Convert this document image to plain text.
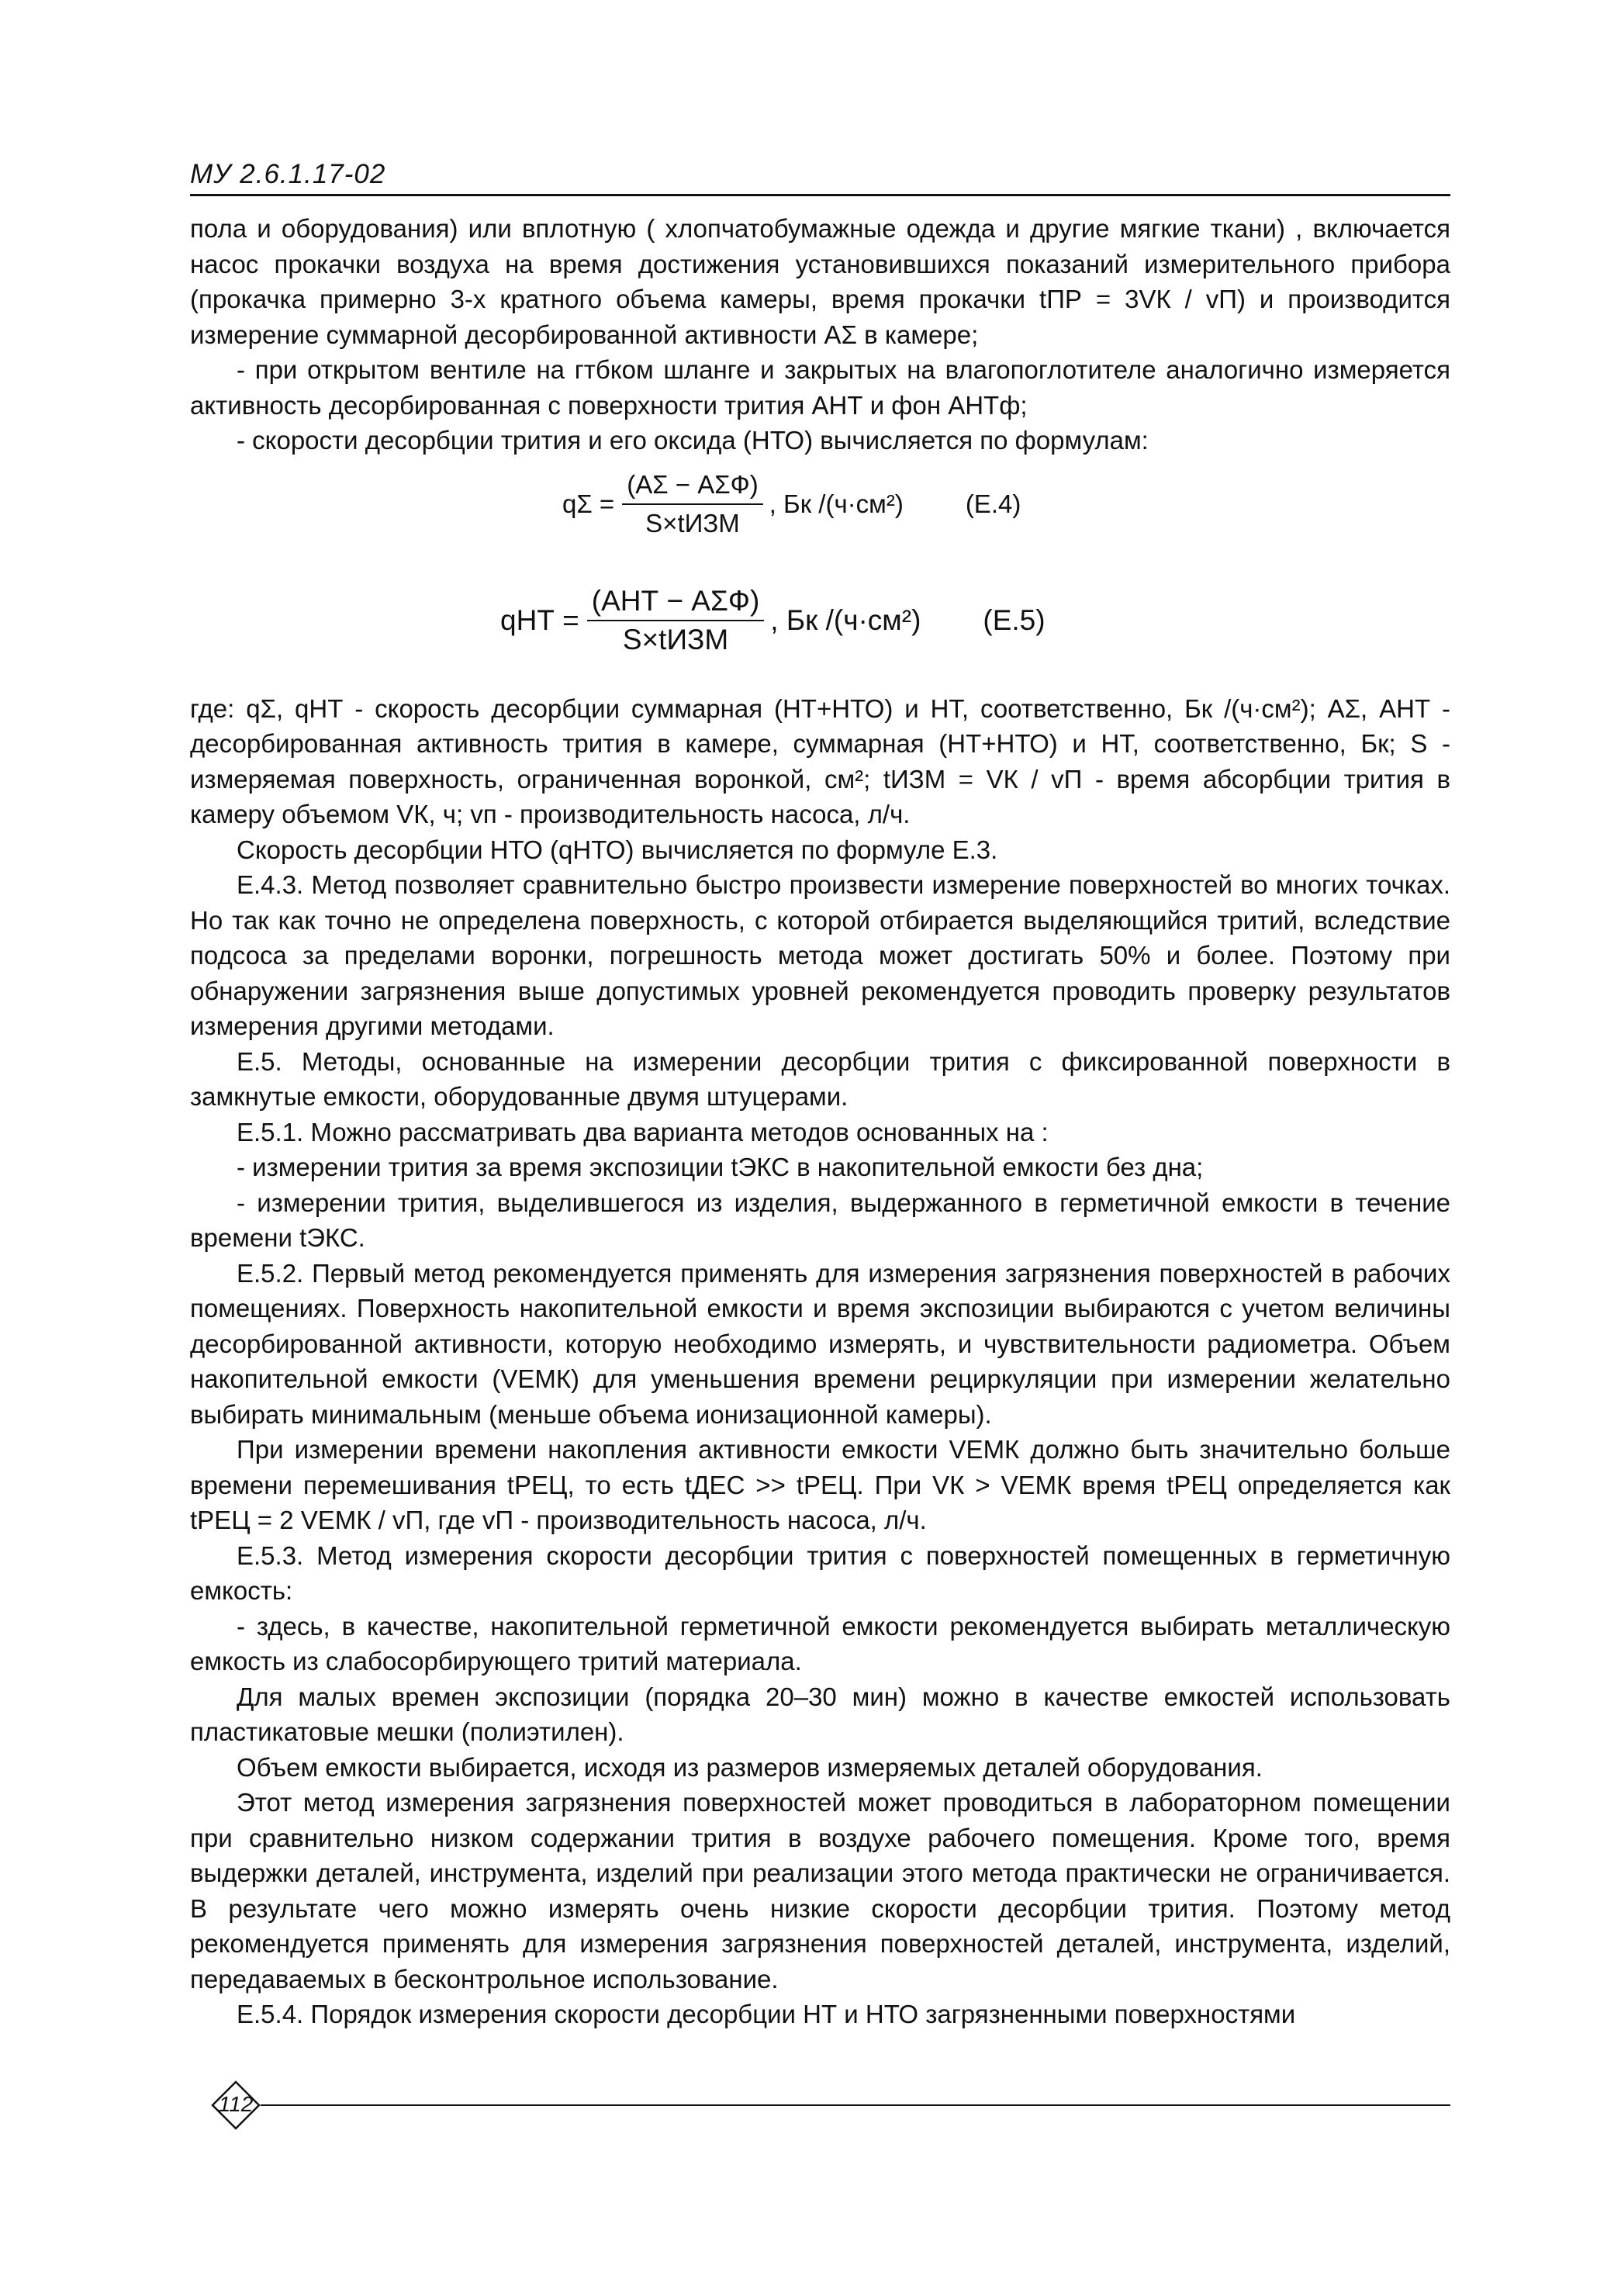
МУ 2.6.1.17-02

пола и оборудования) или вплотную ( хлопчатобумажные одежда и другие мягкие ткани) , включается насос прокачки воздуха на время достижения установившихся показаний измерительного прибора (прокачка примерно 3-х кратного объема камеры, время прокачки tПР = 3VК / vП) и производится измерение суммарной десорбированной активности AΣ в камере;

- при открытом вентиле на гтбком шланге и закрытых на влагопоглотителе аналогично измеряется активность десорбированная с поверхности трития AНТ и фон AНТф;

- скорости десорбции трития и его оксида (НТО) вычисляется по формулам:

$q\Sigma = \frac{\text{(AΣ − AΣФ)}}{\text{S×tИЗМ}}$ , Бк /(ч·см²) (Е.4)
qНТ = $\frac{\text{(AНТ − AΣФ)}}{\text{S×tИЗМ}}$ , Бк /(ч·см²) (Е.5)

где: qΣ, qНТ - скорость десорбции суммарная (НТ+НТО) и НТ, соответственно, Бк /(ч·см²); AΣ, AНТ - десорбированная активность трития в камере, суммарная (НТ+НТО) и НТ, соответственно, Бк; S - измеряемая поверхность, ограниченная воронкой, см²; tИЗМ = VК / vП - время абсорбции трития в камеру объемом VК, ч; vп - производительность насоса, л/ч.

Скорость десорбции НТО (qНТО) вычисляется по формуле Е.3.

Е.4.3. Метод позволяет сравнительно быстро произвести измерение поверхностей во многих точках. Но так как точно не определена поверхность, с которой отбирается выделяющийся тритий, вследствие подсоса за пределами воронки, погрешность метода может достигать 50% и более. Поэтому при обнаружении загрязнения выше допустимых уровней рекомендуется проводить проверку результатов измерения другими методами.

Е.5. Методы, основанные на измерении десорбции трития с фиксированной поверхности в замкнутые емкости, оборудованные двумя штуцерами.

Е.5.1. Можно рассматривать два варианта методов основанных на :

- измерении трития за время экспозиции tЭКС в накопительной емкости без дна;

- измерении трития, выделившегося из изделия, выдержанного в герметичной емкости в течение времени tЭКС.

Е.5.2. Первый метод рекомендуется применять для измерения загрязнения поверхностей в рабочих помещениях. Поверхность накопительной емкости и время экспозиции выбираются с учетом величины десорбированной активности, которую необходимо измерять, и чувствительности радиометра. Объем накопительной емкости (VЕМК) для уменьшения времени рециркуляции при измерении желательно выбирать минимальным (меньше объема ионизационной камеры).

При измерении времени накопления активности емкости VЕМК должно быть значительно больше времени перемешивания tРЕЦ, то есть tДЕС >> tРЕЦ. При VК > VЕМК время tРЕЦ определяется как tРЕЦ = 2 VЕМК / vП, где vП - производительность насоса, л/ч.

Е.5.3. Метод измерения скорости десорбции трития с поверхностей помещенных в герметичную емкость:

- здесь, в качестве, накопительной герметичной емкости рекомендуется выбирать металлическую емкость из слабосорбирующего тритий материала.

Для малых времен экспозиции (порядка 20–30 мин) можно в качестве емкостей использовать пластикатовые мешки (полиэтилен).

Объем емкости выбирается, исходя из размеров измеряемых деталей оборудования.

Этот метод измерения загрязнения поверхностей может проводиться в лабораторном помещении при сравнительно низком содержании трития в воздухе рабочего помещения. Кроме того, время выдержки деталей, инструмента, изделий при реализации этого метода практически не ограничивается. В результате чего можно измерять очень низкие скорости десорбции трития. Поэтому метод рекомендуется применять для измерения загрязнения поверхностей деталей, инструмента, изделий, передаваемых в бесконтрольное использование.

Е.5.4. Порядок измерения скорости десорбции НТ и НТО загрязненными поверхностями

112
